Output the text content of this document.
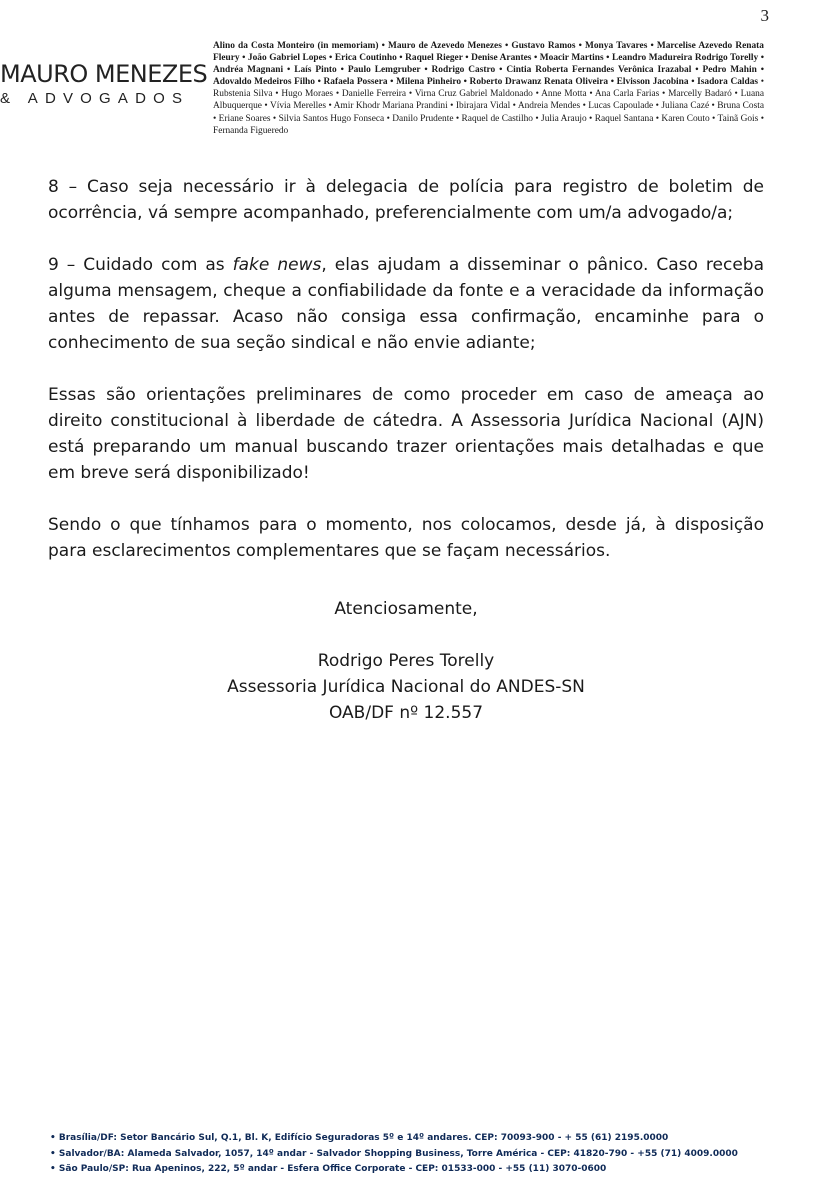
3
MAURO MENEZES
& ADVOGADOS
Alino da Costa Monteiro (in memoriam) • Mauro de Azevedo Menezes • Gustavo Ramos • Monya Tavares • Marcelise Azevedo Renata Fleury • João Gabriel Lopes • Erica Coutinho • Raquel Rieger • Denise Arantes • Moacir Martins • Leandro Madureira Rodrigo Torelly • Andréa Magnani • Laís Pinto • Paulo Lemgruber • Rodrigo Castro • Cintia Roberta Fernandes Verônica Irazabal • Pedro Mahin • Adovaldo Medeiros Filho • Rafaela Possera • Milena Pinheiro • Roberto Drawanz Renata Oliveira • Elvisson Jacobina • Isadora Caldas • Rubstenia Silva • Hugo Moraes • Danielle Ferreira • Virna Cruz Gabriel Maldonado • Anne Motta • Ana Carla Farias • Marcelly Badaró • Luana Albuquerque • Vívia Merelles • Amir Khodr Mariana Prandini • Ibirajara Vidal • Andreia Mendes • Lucas Capoulade • Juliana Cazé • Bruna Costa • Eriane Soares • Silvia Santos Hugo Fonseca • Danilo Prudente • Raquel de Castilho • Julia Araujo • Raquel Santana • Karen Couto • Tainã Gois • Fernanda Figueredo

8 – Caso seja necessário ir à delegacia de polícia para registro de boletim de ocorrência, vá sempre acompanhado, preferencialmente com um/a advogado/a;

9 – Cuidado com as fake news, elas ajudam a disseminar o pânico. Caso receba alguma mensagem, cheque a confiabilidade da fonte e a veracidade da informação antes de repassar. Acaso não consiga essa confirmação, encaminhe para o conhecimento de sua seção sindical e não envie adiante;

Essas são orientações preliminares de como proceder em caso de ameaça ao direito constitucional à liberdade de cátedra. A Assessoria Jurídica Nacional (AJN) está preparando um manual buscando trazer orientações mais detalhadas e que em breve será disponibilizado!

Sendo o que tínhamos para o momento, nos colocamos, desde já, à disposição para esclarecimentos complementares que se façam necessários.

Atenciosamente,
Rodrigo Peres Torelly
Assessoria Jurídica Nacional do ANDES-SN
OAB/DF nº 12.557
• Brasília/DF: Setor Bancário Sul, Q.1, Bl. K, Edifício Seguradoras 5º e 14º andares. CEP: 70093-900 - + 55 (61) 2195.0000
• Salvador/BA: Alameda Salvador, 1057, 14º andar - Salvador Shopping Business, Torre América - CEP: 41820-790 - +55 (71) 4009.0000
• São Paulo/SP: Rua Apeninos, 222, 5º andar - Esfera Office Corporate - CEP: 01533-000 - +55 (11) 3070-0600
